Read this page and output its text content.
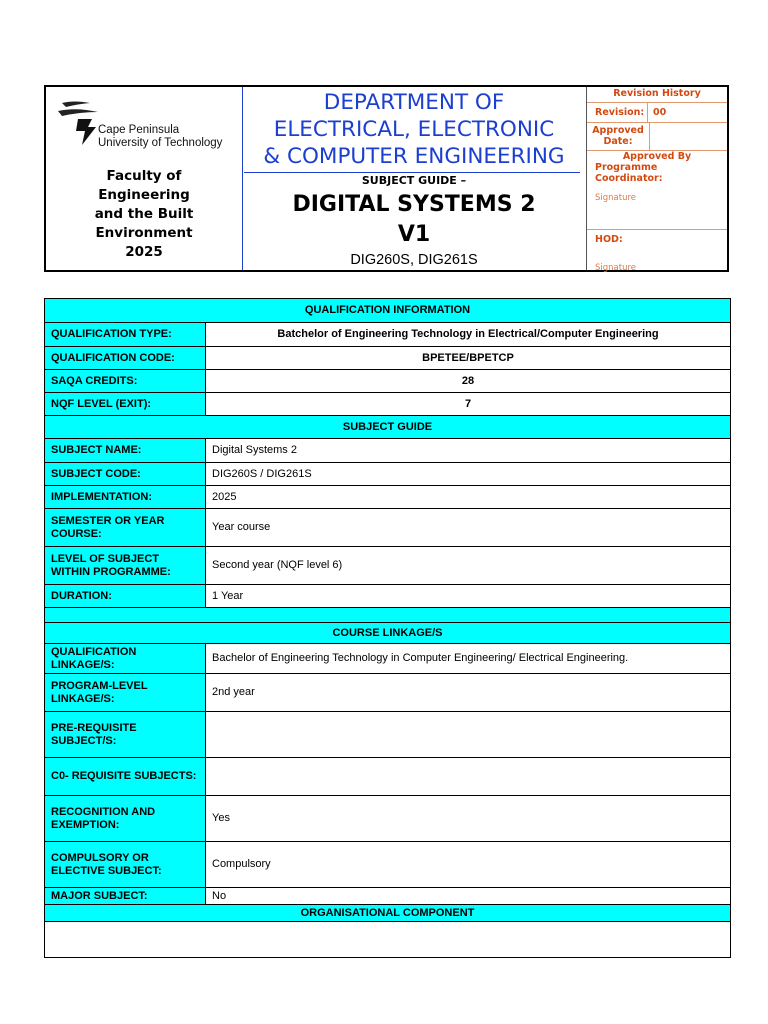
Cape Peninsula
University of Technology
Faculty of
Engineering
and the Built
Environment
2025
DEPARTMENT OF
ELECTRICAL, ELECTRONIC
& COMPUTER ENGINEERING
SUBJECT GUIDE –
DIGITAL SYSTEMS 2
V1
DIG260S, DIG261S
Revision History
Revision: 00
Approved
Date:
Approved By
Programme Coordinator:
Signature
HOD:
Signature
QUALIFICATION INFORMATION	
QUALIFICATION TYPE:	Batchelor of Engineering Technology in Electrical/Computer Engineering
QUALIFICATION CODE:	BPETEE/BPETCP
SAQA CREDITS:	28
NQF LEVEL (EXIT):	7
SUBJECT GUIDE	
SUBJECT NAME:	Digital Systems 2
SUBJECT CODE:	DIG260S / DIG261S
IMPLEMENTATION:	2025
SEMESTER OR YEAR COURSE:	Year course
LEVEL OF SUBJECT WITHIN PROGRAMME:	Second year (NQF level 6)
DURATION:	1 Year

COURSE LINKAGE/S	
QUALIFICATION LINKAGE/S:	Bachelor of Engineering Technology in Computer Engineering/ Electrical Engineering.
PROGRAM-LEVEL LINKAGE/S:	2nd year
PRE-REQUISITE SUBJECT/S:	
C0- REQUISITE SUBJECTS:	
RECOGNITION AND EXEMPTION:	Yes
COMPULSORY OR ELECTIVE SUBJECT:	Compulsory
MAJOR SUBJECT:	No
ORGANISATIONAL COMPONENT	
